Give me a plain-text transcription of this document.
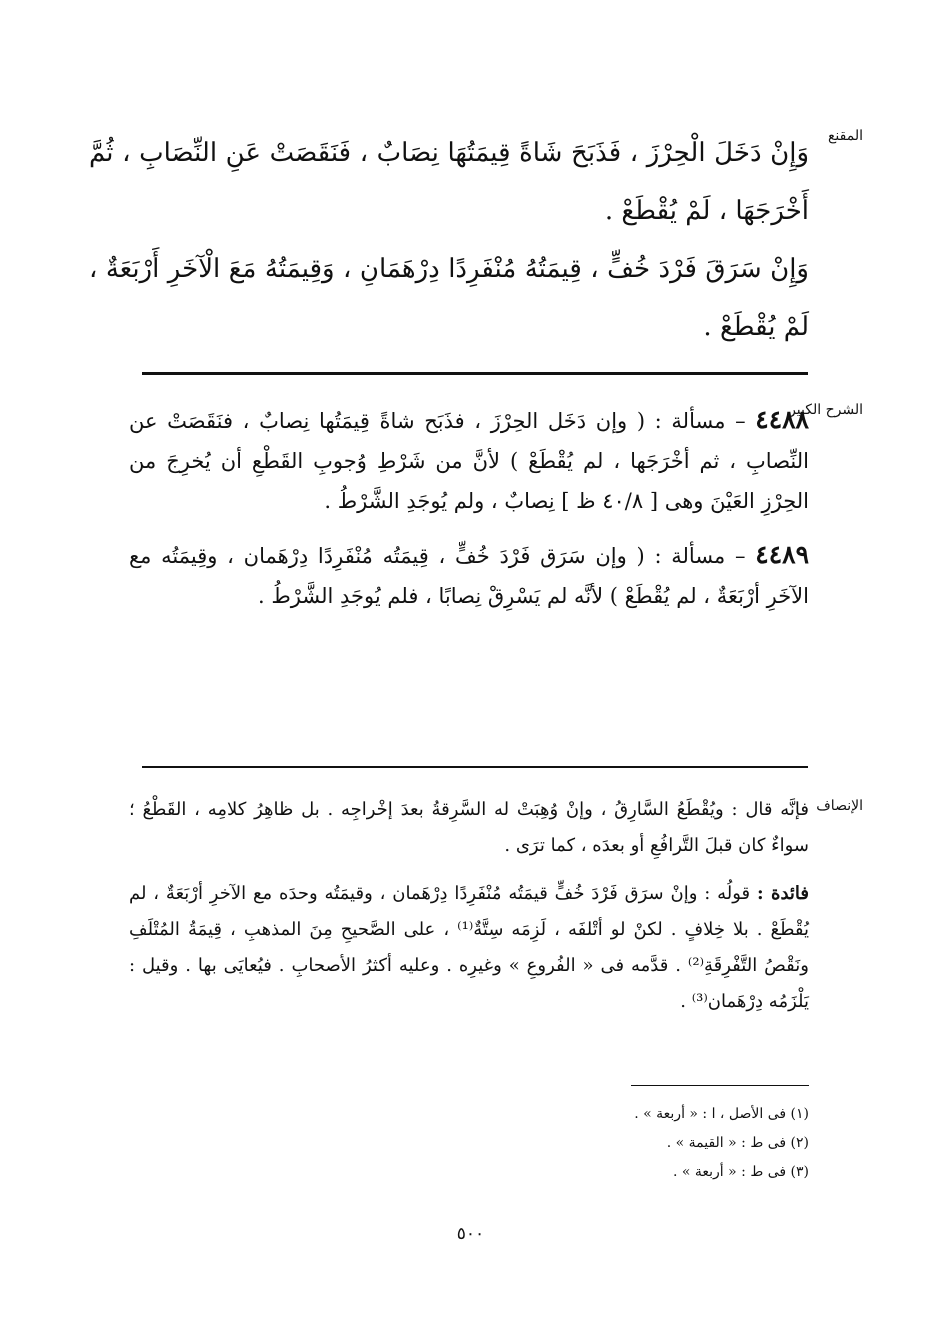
المقنع

وَإِنْ دَخَلَ الْحِرْزَ ، فَذَبَحَ شَاةً قِيمَتُهَا نِصَابٌ ، فَنَقَصَتْ عَنِ النِّصَابِ ، ثُمَّ أَخْرَجَهَا ، لَمْ يُقْطَعْ .

وَإِنْ سَرَقَ فَرْدَ خُفٍّ ، قِيمَتُهُ مُنْفَرِدًا دِرْهَمَانِ ، وَقِيمَتُهُ مَعَ الْآخَرِ أَرْبَعَةٌ ، لَمْ يُقْطَعْ .

الشرح الكبير

٤٤٨٨ – مسألة : ( وإن دَخَل الحِرْزَ ، فذَبَح شاةً قِيمَتُها نِصابٌ ، فنَقَصَتْ عن النِّصابِ ، ثم أخْرَجَها ، لم يُقْطَعْ ) لأنَّ من شَرْطِ وُجوبِ القَطْعِ أن يُخرِجَ من الحِرْزِ العَيْنَ وهى [ ٤٠/٨ ظ ] نِصابٌ ، ولم يُوجَدِ الشَّرْطُ .

٤٤٨٩ – مسألة : ( وإن سَرَق فَرْدَ خُفٍّ ، قِيمَتُه مُنْفَرِدًا دِرْهَمان ، وقِيمَتُه مع الآخَرِ أرْبَعَةٌ ، لم يُقْطَعْ ) لأنَّه لم يَسْرِقْ نِصابًا ، فلم يُوجَدِ الشَّرْطُ .

الإنصاف

فإنَّه قال : ويُقْطَعُ السَّارِقُ ، وإنْ وُهِبَتْ له السَّرِقةُ بعدَ إخْراجِه . بل ظاهِرُ كلامِه ، القَطْعُ ؛ سواءٌ كان قبلَ التَّرافُعِ أو بعدَه ، كما ترَى .

فائدة : قولُه : وإنْ سرَق فَرْدَ خُفٍّ قيمَتُه مُنْفَرِدًا دِرْهَمان ، وقيمَتُه وحدَه مع الآخرِ أرْبَعَةٌ ، لم يُقْطَعْ . بلا خِلافٍ . لكنْ لو أتْلفَه ، لَزِمَه سِتَّةٌ⁽¹⁾ ، على الصَّحيحِ مِنَ المذهبِ ، قِيمَةُ المُتْلَفِ ونَقْصُ التَّفْرِقَةِ⁽²⁾ . قدَّمه فى « الفُروعِ » وغيرِه . وعليه أكثرُ الأصحابِ . فيُعايَى بها . وقيل : يَلْزَمُه دِرْهَمان⁽³⁾ .

(١) فى الأصل ، ا : « أربعة » .
(٢) فى ط : « القيمة » .
(٣) فى ط : « أربعة » .
٥٠٠
